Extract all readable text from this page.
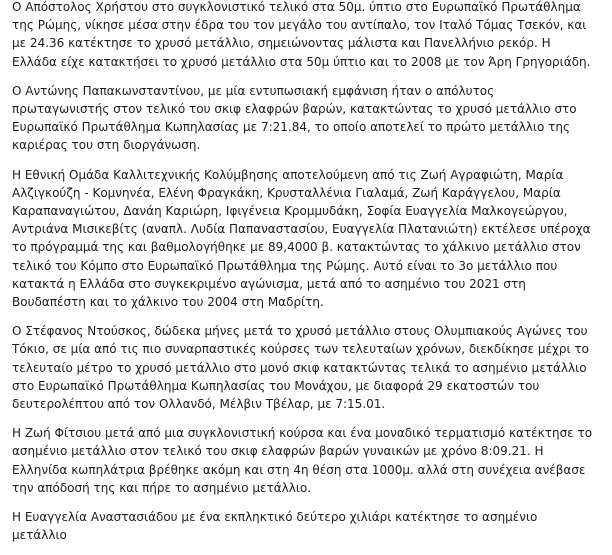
Ο Απόστολος Χρήστου στο συγκλονιστικό τελικό στα 50μ. ύπτιο στο Ευρωπαϊκό Πρωτάθλημα της Ρώμης, νίκησε μέσα στην έδρα του τον μεγάλο του αντίπαλο, τον Ιταλό Τόμας Τσεκόν, και με 24.36 κατέκτησε το χρυσό μετάλλιο, σημειώνοντας μάλιστα και Πανελλήνιο ρεκόρ. Η Ελλάδα είχε κατακτήσει το χρυσό μετάλλιο στα 50μ ύπτιο και το 2008 με τον Άρη Γρηγοριάδη.

Ο Αντώνης Παπακωνσταντίνου, με μία εντυπωσιακή εμφάνιση ήταν ο απόλυτος πρωταγωνιστής στον τελικό του σκιφ ελαφρών βαρών, κατακτώντας το χρυσό μετάλλιο στο Ευρωπαϊκό Πρωτάθλημα Κωπηλασίας με 7:21.84, το οποίο αποτελεί το πρώτο μετάλλιο της καριέρας του στη διοργάνωση.

Η Εθνική Ομάδα Καλλιτεχνικής Κολύμβησης αποτελούμενη από τις Ζωή Αγραφιώτη, Μαρία Αλζιγκούζη - Κομνηνέα, Ελένη Φραγκάκη, Κρυσταλλένια Γιαλαμά, Ζωή Καράγγελου, Μαρία Καραπαναγιώτου, Δανάη Καριώρη, Ιφιγένεια Κρομμυδάκη, Σοφία Ευαγγελία Μαλκογεώργου, Αντριάνα Μισικεβίτς (αναπλ. Λυδία Παπαναστασίου, Ευαγγελία Πλατανιώτη) εκτέλεσε υπέροχα το πρόγραμμά της και βαθμολογήθηκε με 89,4000 β. κατακτώντας το χάλκινο μετάλλιο στον τελικό του Κόμπο στο Ευρωπαϊκό Πρωτάθλημα της Ρώμης. Αυτό είναι το 3ο μετάλλιο που κατακτά η Ελλάδα στο συγκεκριμένο αγώνισμα, μετά από το ασημένιο του 2021 στη Βουδαπέστη και το χάλκινο του 2004 στη Μαδρίτη.

Ο Στέφανος Ντούσκος, δώδεκα μήνες μετά το χρυσό μετάλλιο στους Ολυμπιακούς Αγώνες του Τόκιο, σε μία από τις πιο συναρπαστικές κούρσες των τελευταίων χρόνων, διεκδίκησε μέχρι το τελευταίο μέτρο το χρυσό μετάλλιο στο μονό σκιφ κατακτώντας τελικά το ασημένιο μετάλλιο στο Ευρωπαϊκό Πρωτάθλημα Κωπηλασίας του Μονάχου, με διαφορά 29 εκατοστών του δευτερολέπτου από τον Ολλανδό, Μέλβιν Τβέλαρ, με 7:15.01.

Η Ζωή Φίτσιου μετά από μια συγκλονιστική κούρσα και ένα μοναδικό τερματισμό κατέκτησε το ασημένιο μετάλλιο στον τελικό του σκιφ ελαφρών βαρών γυναικών με χρόνο 8:09.21. Η Ελληνίδα κωπηλάτρια βρέθηκε ακόμη και στη 4η θέση στα 1000μ. αλλά στη συνέχεια ανέβασε την απόδοσή της και πήρε το ασημένιο μετάλλιο.

Η Ευαγγελία Αναστασιάδου με ένα εκπληκτικό δεύτερο χιλιάρι κατέκτησε το ασημένιο μετάλλιο
